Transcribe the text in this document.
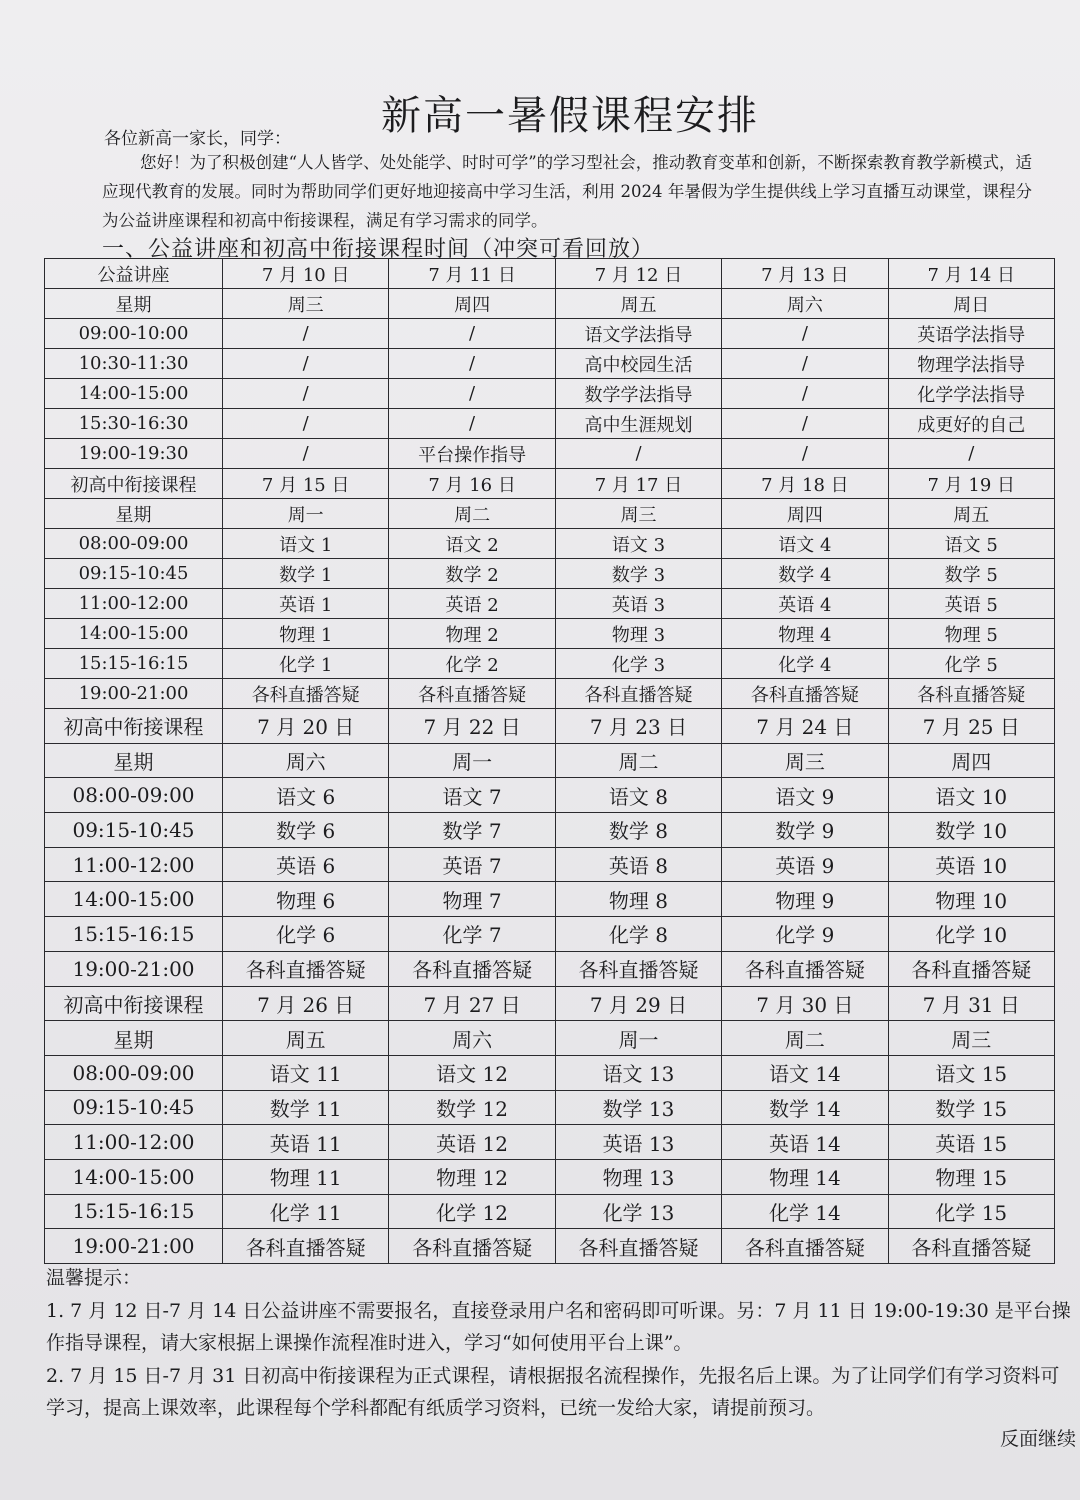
新高一暑假课程安排
各位新高一家长，同学：
您好！为了积极创建“人人皆学、处处能学、时时可学”的学习型社会，推动教育变革和创新，不断探索教育教学新模式，适应现代教育的发展。同时为帮助同学们更好地迎接高中学习生活，利用 2024 年暑假为学生提供线上学习直播互动课堂，课程分为公益讲座课程和初高中衔接课程，满足有学习需求的同学。
一、公益讲座和初高中衔接课程时间（冲突可看回放）
公益讲座	7 月 10 日	7 月 11 日	7 月 12 日	7 月 13 日	7 月 14 日
星期	周三	周四	周五	周六	周日
09:00-10:00	/	/	语文学法指导	/	英语学法指导
10:30-11:30	/	/	高中校园生活	/	物理学法指导
14:00-15:00	/	/	数学学法指导	/	化学学法指导
15:30-16:30	/	/	高中生涯规划	/	成更好的自己
19:00-19:30	/	平台操作指导	/	/	/
初高中衔接课程	7 月 15 日	7 月 16 日	7 月 17 日	7 月 18 日	7 月 19 日
星期	周一	周二	周三	周四	周五
08:00-09:00	语文 1	语文 2	语文 3	语文 4	语文 5
09:15-10:45	数学 1	数学 2	数学 3	数学 4	数学 5
11:00-12:00	英语 1	英语 2	英语 3	英语 4	英语 5
14:00-15:00	物理 1	物理 2	物理 3	物理 4	物理 5
15:15-16:15	化学 1	化学 2	化学 3	化学 4	化学 5
19:00-21:00	各科直播答疑	各科直播答疑	各科直播答疑	各科直播答疑	各科直播答疑
初高中衔接课程	7 月 20 日	7 月 22 日	7 月 23 日	7 月 24 日	7 月 25 日
星期	周六	周一	周二	周三	周四
08:00-09:00	语文 6	语文 7	语文 8	语文 9	语文 10
09:15-10:45	数学 6	数学 7	数学 8	数学 9	数学 10
11:00-12:00	英语 6	英语 7	英语 8	英语 9	英语 10
14:00-15:00	物理 6	物理 7	物理 8	物理 9	物理 10
15:15-16:15	化学 6	化学 7	化学 8	化学 9	化学 10
19:00-21:00	各科直播答疑	各科直播答疑	各科直播答疑	各科直播答疑	各科直播答疑
初高中衔接课程	7 月 26 日	7 月 27 日	7 月 29 日	7 月 30 日	7 月 31 日
星期	周五	周六	周一	周二	周三
08:00-09:00	语文 11	语文 12	语文 13	语文 14	语文 15
09:15-10:45	数学 11	数学 12	数学 13	数学 14	数学 15
11:00-12:00	英语 11	英语 12	英语 13	英语 14	英语 15
14:00-15:00	物理 11	物理 12	物理 13	物理 14	物理 15
15:15-16:15	化学 11	化学 12	化学 13	化学 14	化学 15
19:00-21:00	各科直播答疑	各科直播答疑	各科直播答疑	各科直播答疑	各科直播答疑

温馨提示：

1. 7 月 12 日-7 月 14 日公益讲座不需要报名，直接登录用户名和密码即可听课。另：7 月 11 日 19:00-19:30 是平台操作指导课程，请大家根据上课操作流程准时进入，学习“如何使用平台上课”。

2. 7 月 15 日-7 月 31 日初高中衔接课程为正式课程，请根据报名流程操作，先报名后上课。为了让同学们有学习资料可学习，提高上课效率，此课程每个学科都配有纸质学习资料，已统一发给大家，请提前预习。

反面继续
